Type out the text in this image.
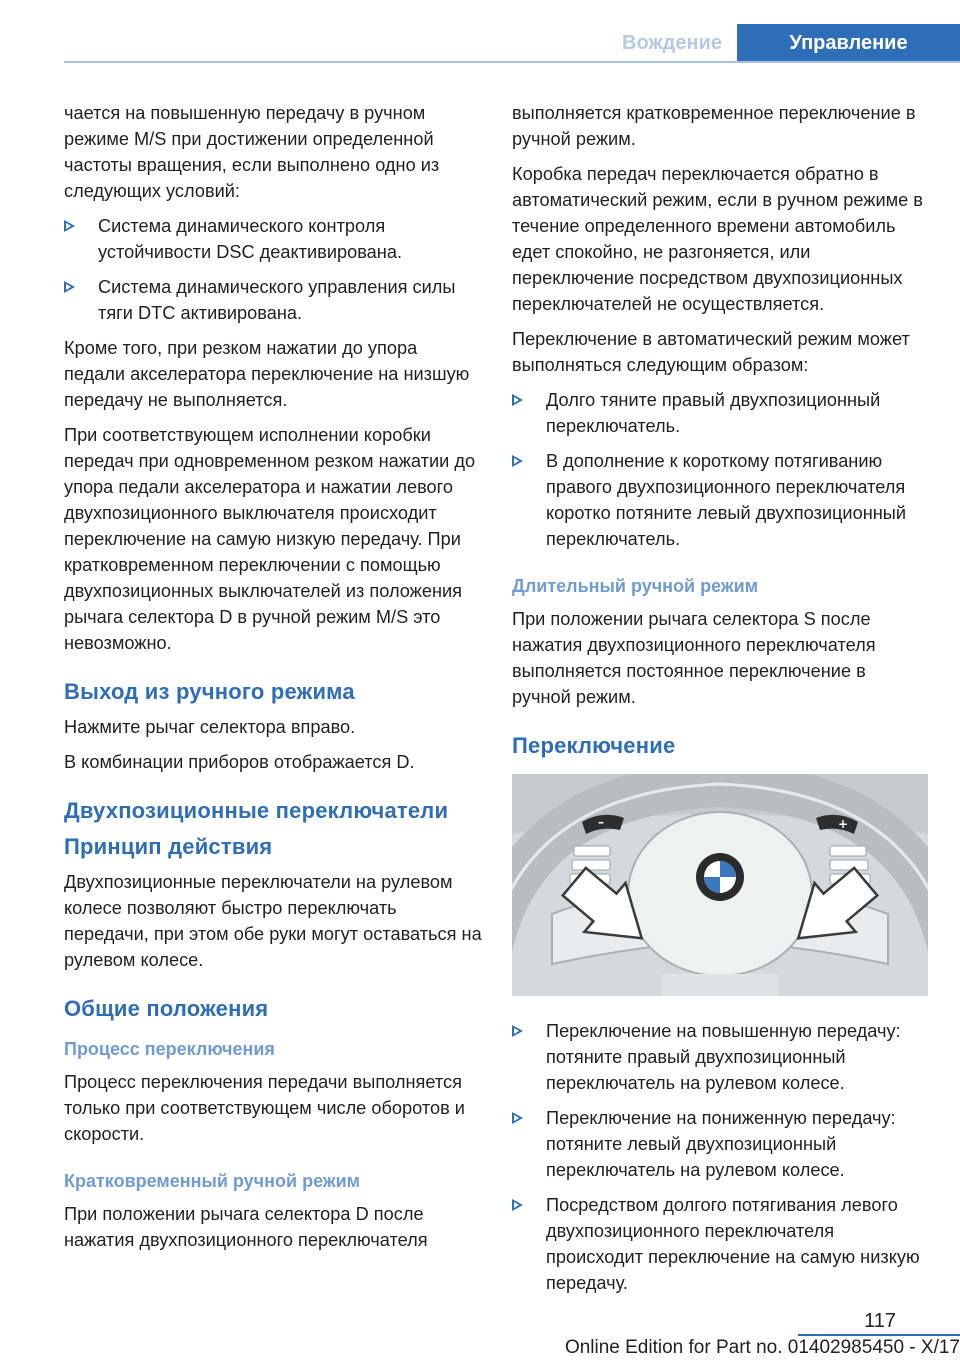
Вождение	Управление

чается на повышенную передачу в ручном режиме M/S при достижении определенной частоты вращения, если выполнено одно из следующих условий:

Система динамического контроля устойчивости DSC деактивирована.
Система динамического управления силы тяги DTC активирована.

Кроме того, при резком нажатии до упора педали акселератора переключение на низшую передачу не выполняется.

При соответствующем исполнении коробки передач при одновременном резком нажатии до упора педали акселератора и нажатии левого двухпозиционного выключателя происходит переключение на самую низкую передачу. При кратковременном переключении с помощью двухпозиционных выключателей из положения рычага селектора D в ручной режим M/S это невозможно.

Выход из ручного режима

Нажмите рычаг селектора вправо.

В комбинации приборов отображается D.

Двухпозиционные переключатели
Принцип действия

Двухпозиционные переключатели на рулевом колесе позволяют быстро переключать передачи, при этом обе руки могут оставаться на рулевом колесе.

Общие положения
Процесс переключения

Процесс переключения передачи выполняется только при соответствующем числе оборотов и скорости.

Кратковременный ручной режим

При положении рычага селектора D после нажатия двухпозиционного переключателя

выполняется кратковременное переключение в ручной режим.

Коробка передач переключается обратно в автоматический режим, если в ручном режиме в течение определенного времени автомобиль едет спокойно, не разгоняется, или переключение посредством двухпозиционных переключателей не осуществляется.

Переключение в автоматический режим может выполняться следующим образом:

Долго тяните правый двухпозиционный переключатель.
В дополнение к короткому потягиванию правого двухпозиционного переключателя коротко потяните левый двухпозиционный переключатель.
Длительный ручной режим

При положении рычага селектора S после нажатия двухпозиционного переключателя выполняется постоянное переключение в ручной режим.

Переключение
–	+
Переключение на повышенную передачу: потяните правый двухпозиционный переключатель на рулевом колесе.
Переключение на пониженную передачу: потяните левый двухпозиционный переключатель на рулевом колесе.
Посредством долгого потягивания левого двухпозиционного переключателя происходит переключение на самую низкую передачу.
117
Online Edition for Part no. 01402985450 - X/17
